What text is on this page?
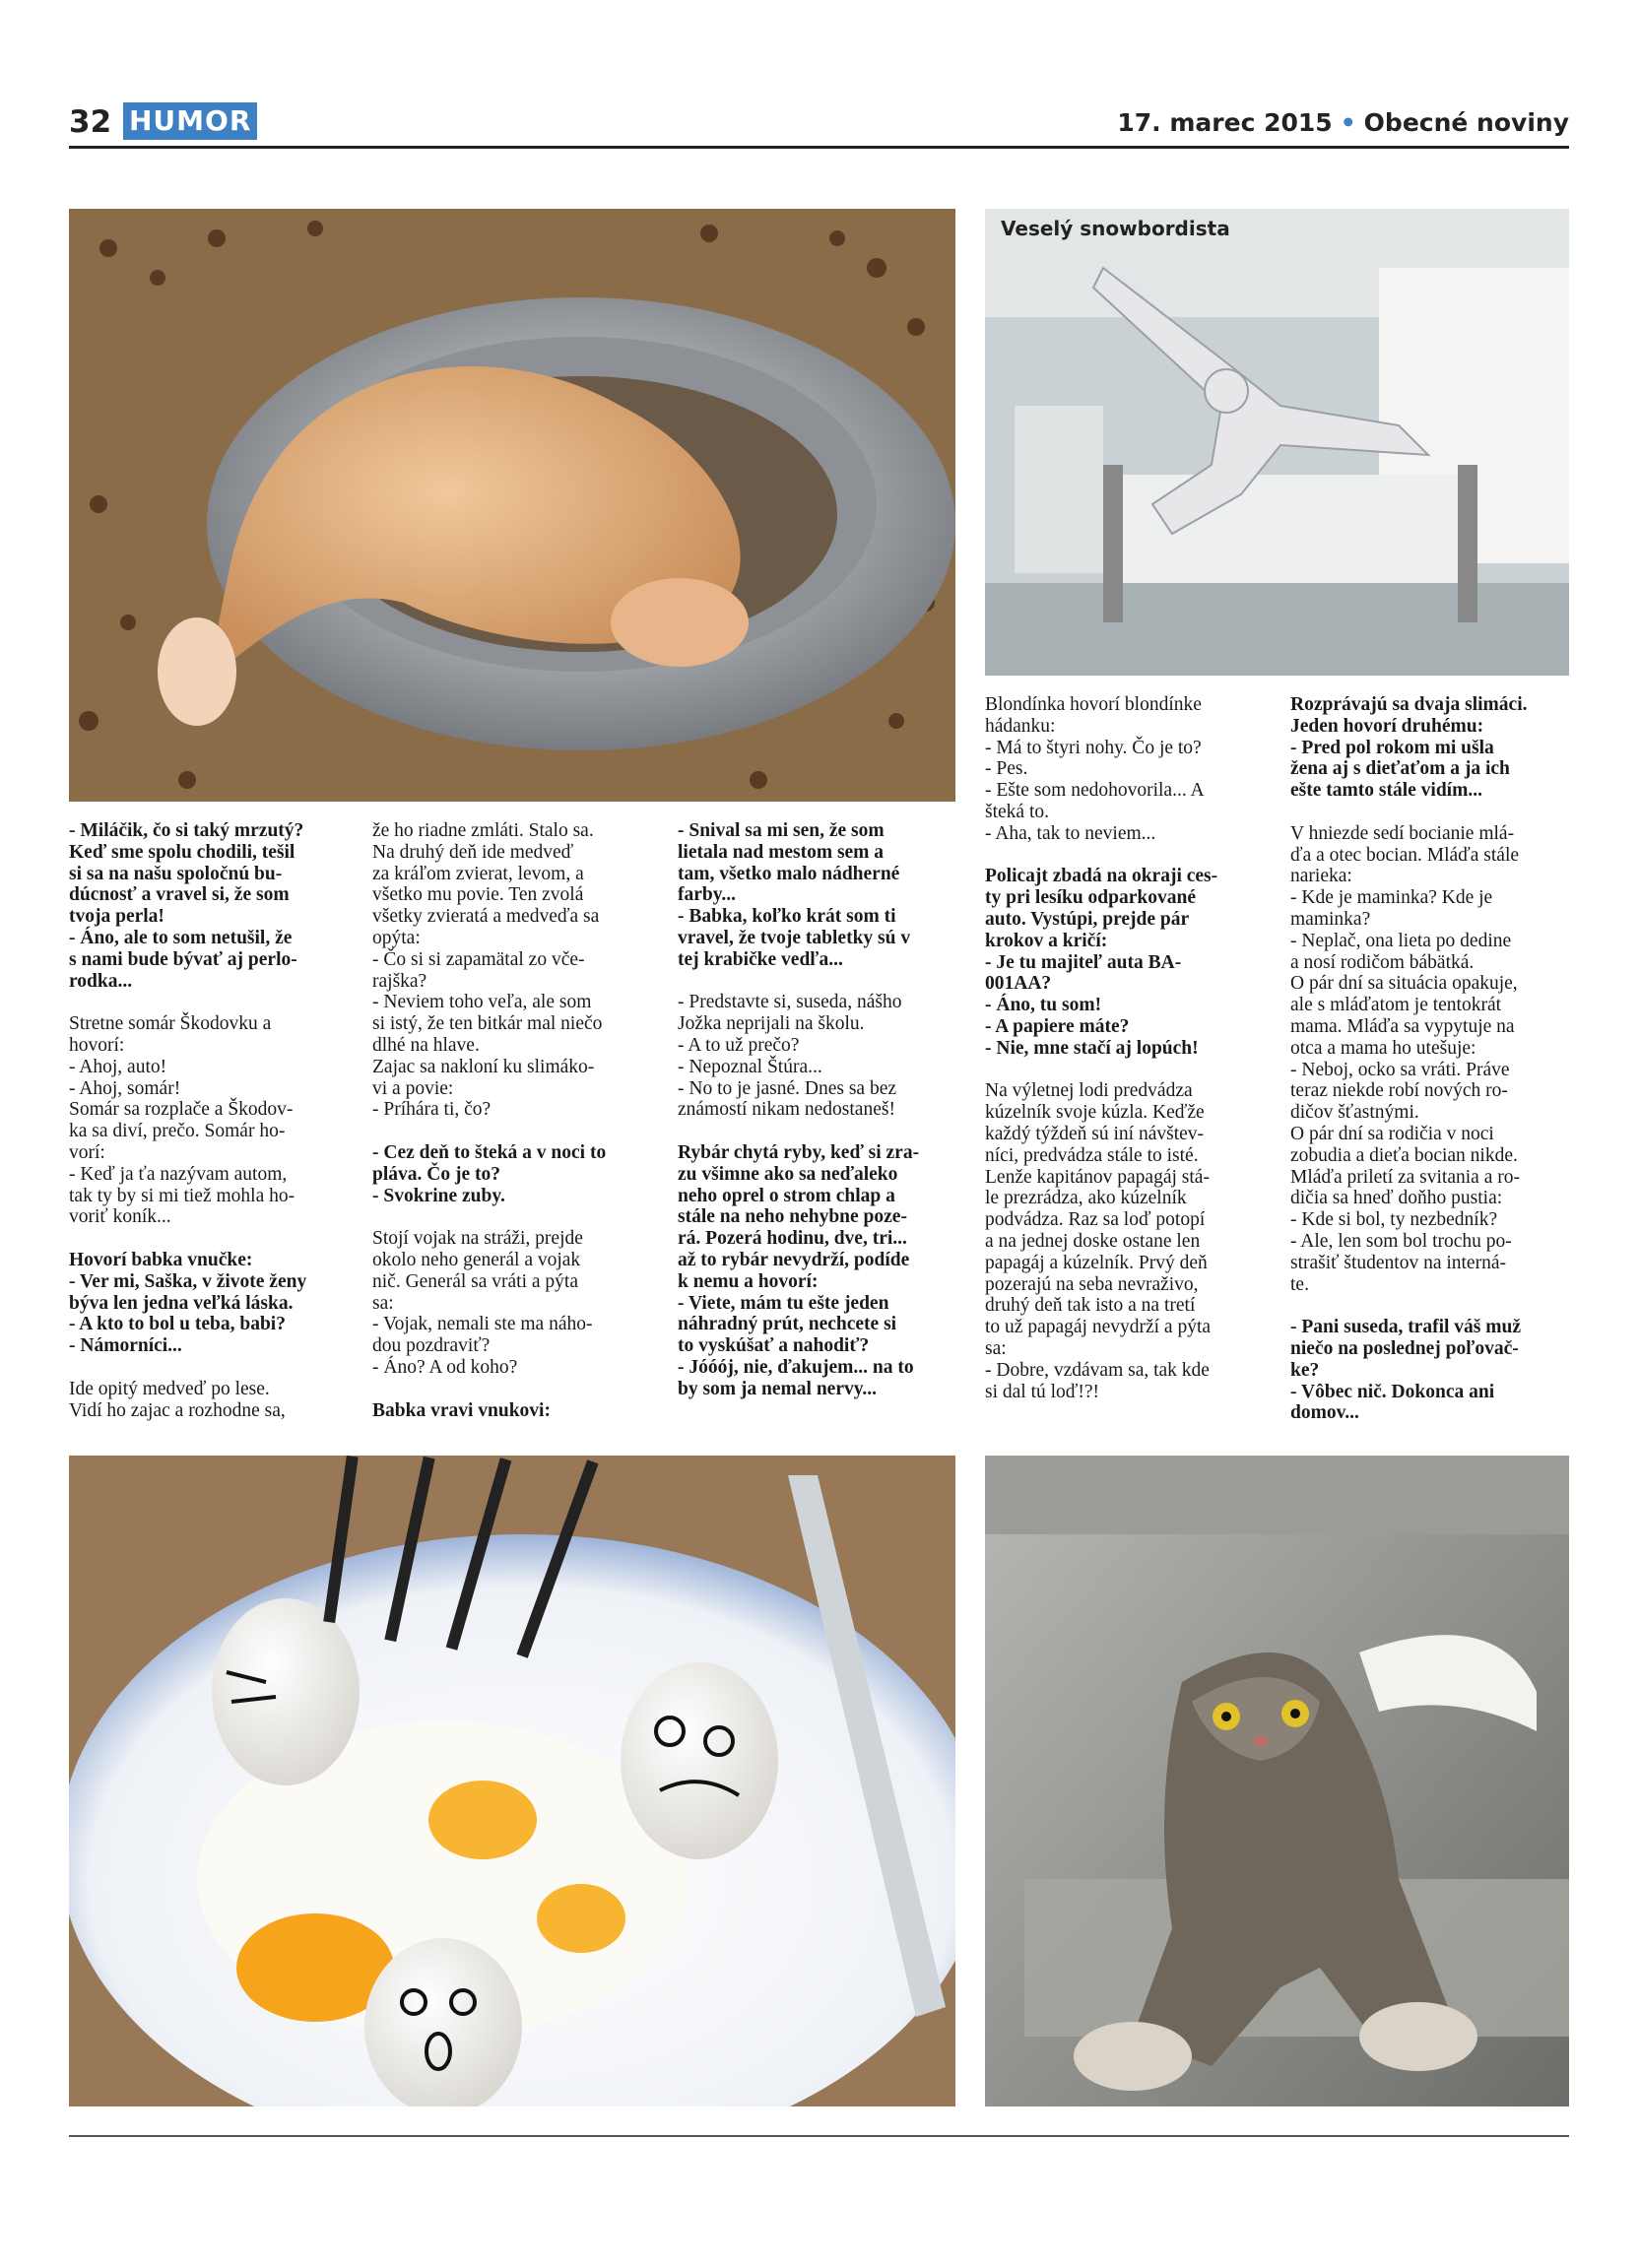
32 HUMOR	17. marec 2015 • Obecné noviny
Veselý snowbordista

- Miláčik, čo si taký mrzutý?

Keď sme spolu chodili, tešil

si sa na našu spoločnú bu-

dúcnosť a vravel si, že som

tvoja perla!

- Áno, ale to som netušil, že

s nami bude bývať aj perlo-

rodka...

Stretne somár Škodovku a

hovorí:

- Ahoj, auto!

- Ahoj, somár!

Somár sa rozplače a Škodov-

ka sa diví, prečo. Somár ho-

vorí:

- Keď ja ťa nazývam autom,

tak ty by si mi tiež mohla ho-

voriť koník...

Hovorí babka vnučke:

- Ver mi, Saška, v živote ženy

býva len jedna veľká láska.

- A kto to bol u teba, babi?

- Námorníci...

Ide opitý medveď po lese.

Vidí ho zajac a rozhodne sa,

že ho riadne zmláti. Stalo sa.

Na druhý deň ide medveď

za kráľom zvierat, levom, a

všetko mu povie. Ten zvolá

všetky zvieratá a medveďa sa

opýta:

- Čo si si zapamätal zo vče-

rajška?

- Neviem toho veľa, ale som

si istý, že ten bitkár mal niečo

dlhé na hlave.

Zajac sa nakloní ku slimáko-

vi a povie:

- Príhára ti, čo?

- Cez deň to šteká a v noci to

pláva. Čo je to?

- Svokrine zuby.

Stojí vojak na stráži, prejde

okolo neho generál a vojak

nič. Generál sa vráti a pýta

sa:

- Vojak, nemali ste ma náho-

dou pozdraviť?

- Áno? A od koho?

Babka vravi vnukovi:

- Snival sa mi sen, že som

lietala nad mestom sem a

tam, všetko malo nádherné

farby...

- Babka, koľko krát som ti

vravel, že tvoje tabletky sú v

tej krabičke vedľa...

- Predstavte si, suseda, nášho

Jožka neprijali na školu.

- A to už prečo?

- Nepoznal Štúra...

- No to je jasné. Dnes sa bez

známostí nikam nedostaneš!

Rybár chytá ryby, keď si zra-

zu všimne ako sa neďaleko

neho oprel o strom chlap a

stále na neho nehybne poze-

rá. Pozerá hodinu, dve, tri...

až to rybár nevydrží, podíde

k nemu a hovorí:

- Viete, mám tu ešte jeden

náhradný prút, nechcete si

to vyskúšať a nahodiť?

- Jóóój, nie, ďakujem... na to

by som ja nemal nervy...

Blondínka hovorí blondínke

hádanku:

- Má to štyri nohy. Čo je to?

- Pes.

- Ešte som nedohovorila... A

šteká to.

- Aha, tak to neviem...

Policajt zbadá na okraji ces-

ty pri lesíku odparkované

auto. Vystúpi, prejde pár

krokov a kričí:

- Je tu majiteľ auta BA-

001AA?

- Áno, tu som!

- A papiere máte?

- Nie, mne stačí aj lopúch!

Na výletnej lodi predvádza

kúzelník svoje kúzla. Keďže

každý týždeň sú iní návštev-

níci, predvádza stále to isté.

Lenže kapitánov papagáj stá-

le prezrádza, ako kúzelník

podvádza. Raz sa loď potopí

a na jednej doske ostane len

papagáj a kúzelník. Prvý deň

pozerajú na seba nevraživo,

druhý deň tak isto a na tretí

to už papagáj nevydrží a pýta

sa:

- Dobre, vzdávam sa, tak kde

si dal tú loď!?!

Rozprávajú sa dvaja slimáci.

Jeden hovorí druhému:

- Pred pol rokom mi ušla

žena aj s dieťaťom a ja ich

ešte tamto stále vidím...

V hniezde sedí bocianie mlá-

ďa a otec bocian. Mláďa stále

narieka:

- Kde je maminka? Kde je

maminka?

- Neplač, ona lieta po dedine

a nosí rodičom bábätká.

O pár dní sa situácia opakuje,

ale s mláďatom je tentokrát

mama. Mláďa sa vypytuje na

otca a mama ho utešuje:

- Neboj, ocko sa vráti. Práve

teraz niekde robí nových ro-

dičov šťastnými.

O pár dní sa rodičia v noci

zobudia a dieťa bocian nikde.

Mláďa priletí za svitania a ro-

dičia sa hneď doňho pustia:

- Kde si bol, ty nezbedník?

- Ale, len som bol trochu po-

strašiť študentov na interná-

te.

- Pani suseda, trafil váš muž

niečo na poslednej poľovač-

ke?

- Vôbec nič. Dokonca ani

domov...
